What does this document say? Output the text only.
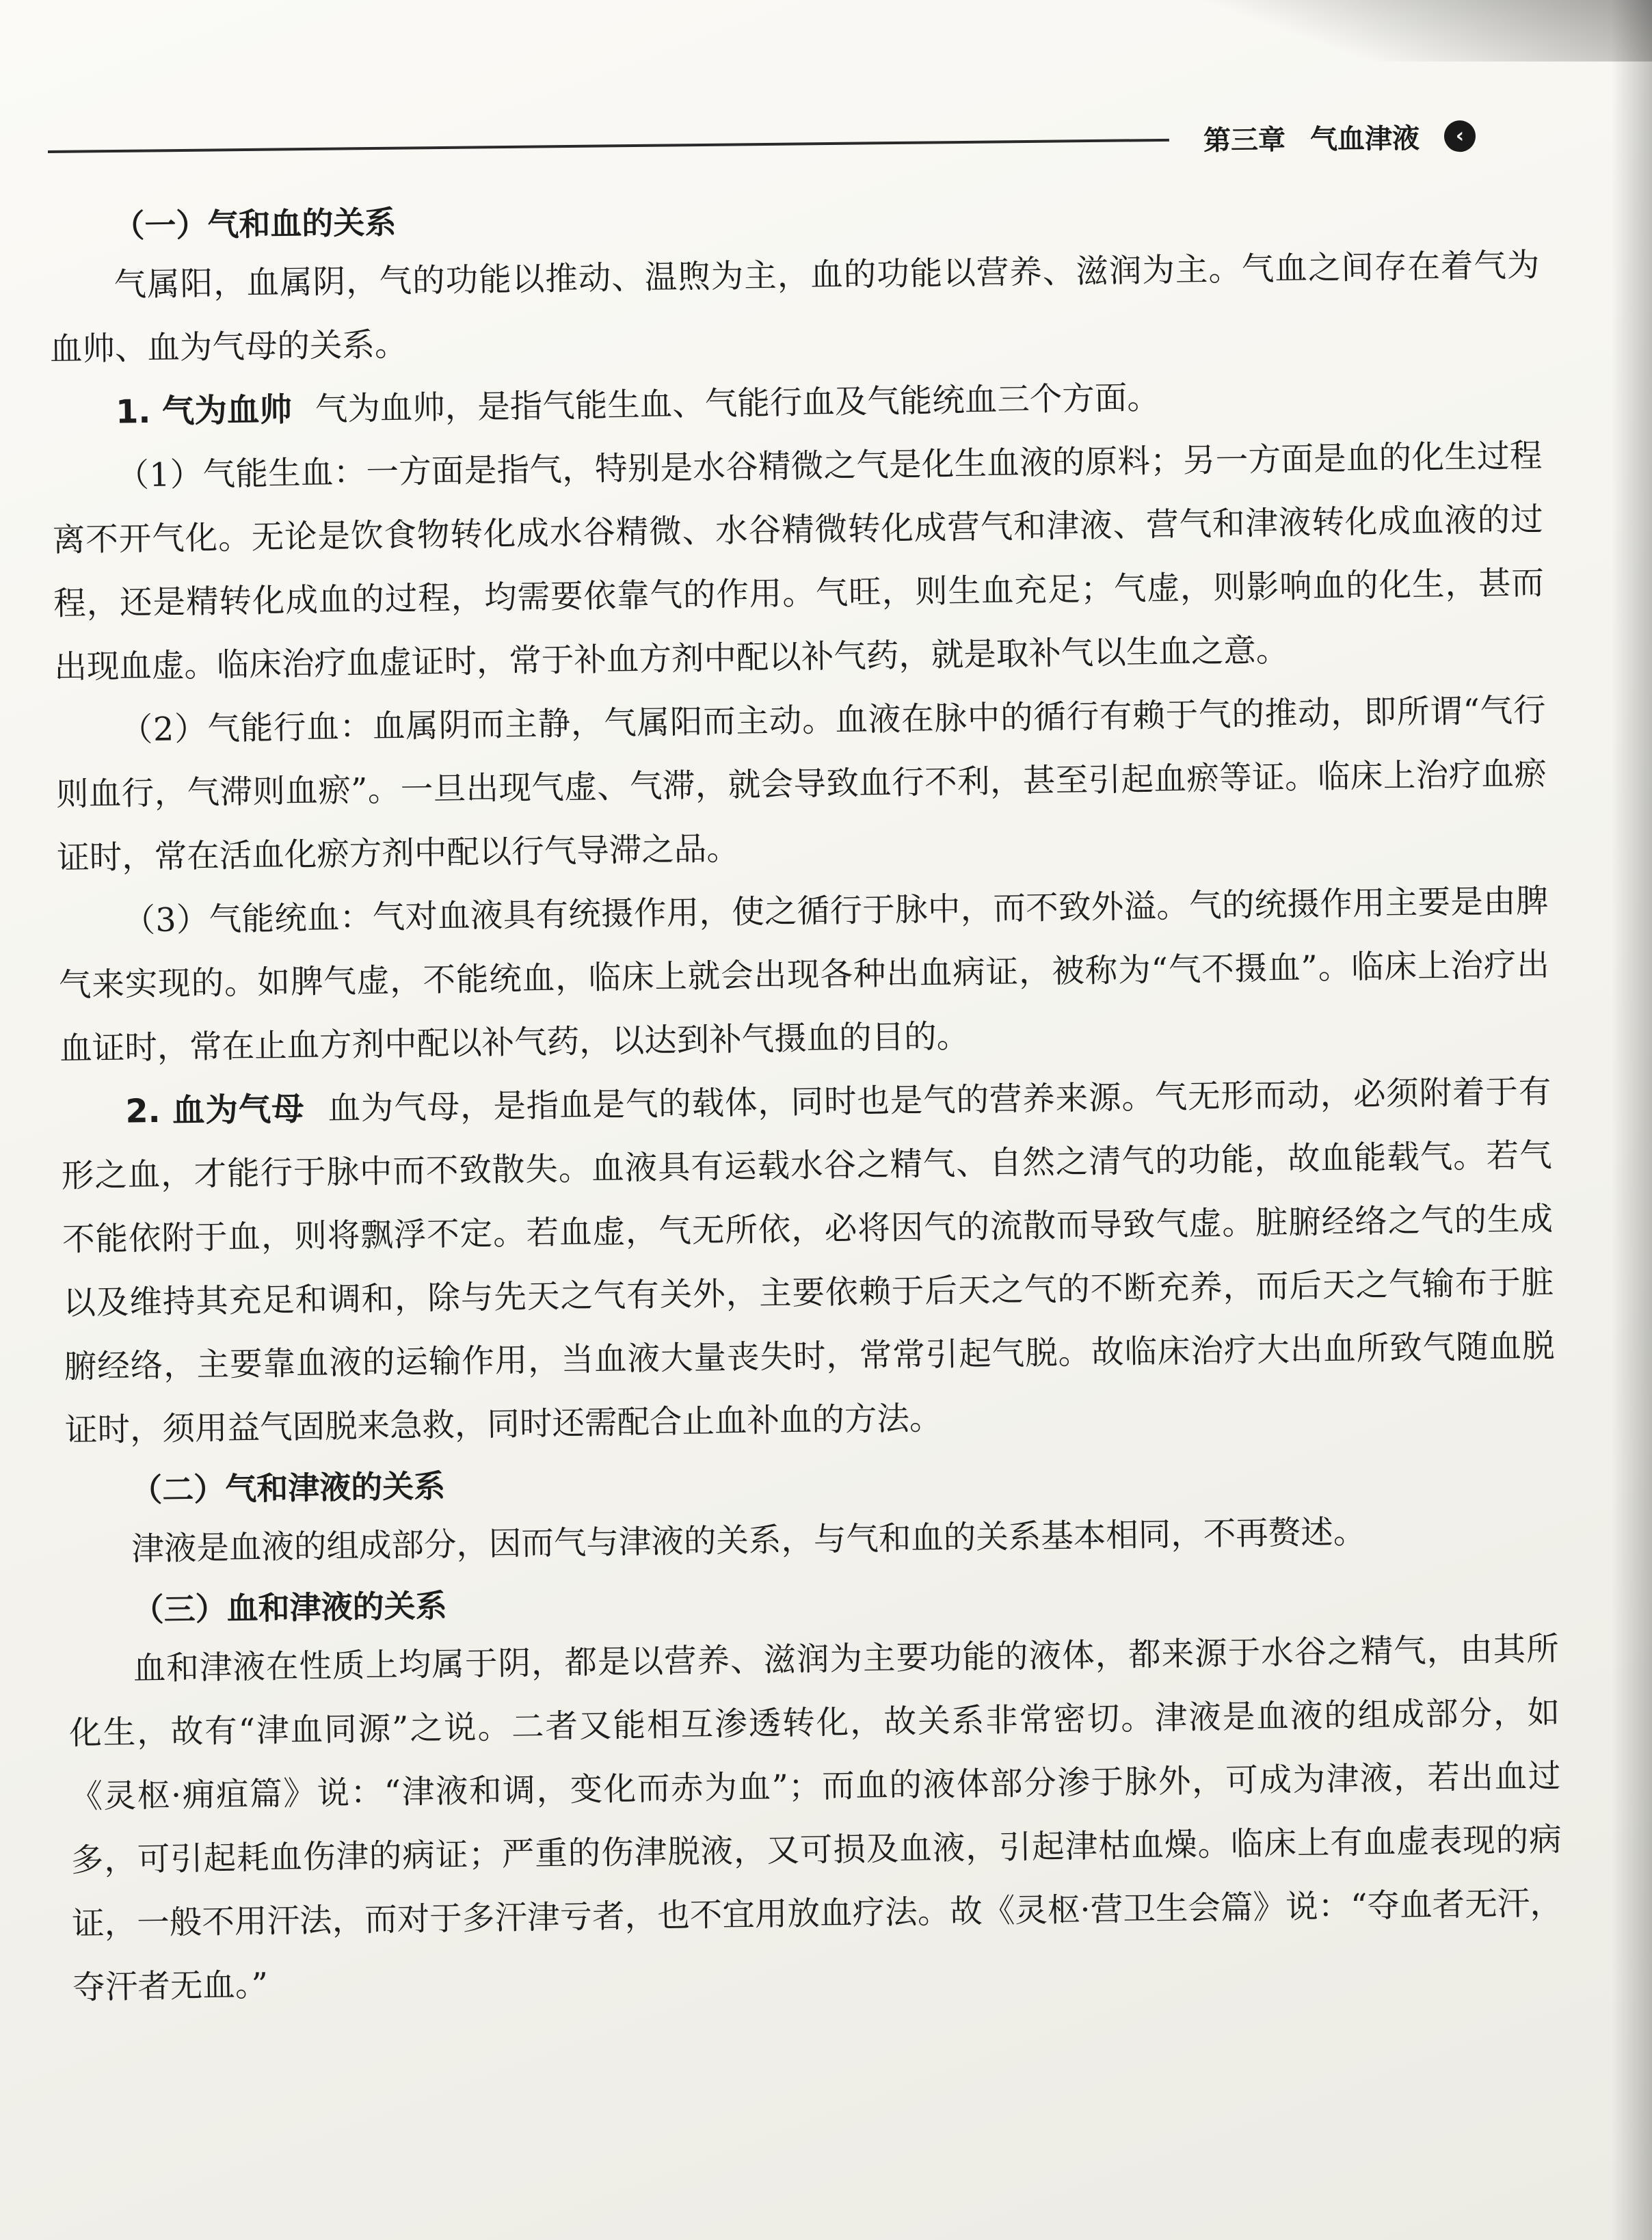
第三章 气血津液	‹
（一）气和血的关系

气属阳，血属阴，气的功能以推动、温煦为主，血的功能以营养、滋润为主。气血之间存在着气为血帅、血为气母的关系。

1. 气为血帅 气为血帅，是指气能生血、气能行血及气能统血三个方面。

（1）气能生血：一方面是指气，特别是水谷精微之气是化生血液的原料；另一方面是血的化生过程离不开气化。无论是饮食物转化成水谷精微、水谷精微转化成营气和津液、营气和津液转化成血液的过程，还是精转化成血的过程，均需要依靠气的作用。气旺，则生血充足；气虚，则影响血的化生，甚而出现血虚。临床治疗血虚证时，常于补血方剂中配以补气药，就是取补气以生血之意。

（2）气能行血：血属阴而主静，气属阳而主动。血液在脉中的循行有赖于气的推动，即所谓“气行则血行，气滞则血瘀”。一旦出现气虚、气滞，就会导致血行不利，甚至引起血瘀等证。临床上治疗血瘀证时，常在活血化瘀方剂中配以行气导滞之品。

（3）气能统血：气对血液具有统摄作用，使之循行于脉中，而不致外溢。气的统摄作用主要是由脾气来实现的。如脾气虚，不能统血，临床上就会出现各种出血病证，被称为“气不摄血”。临床上治疗出血证时，常在止血方剂中配以补气药，以达到补气摄血的目的。

2. 血为气母 血为气母，是指血是气的载体，同时也是气的营养来源。气无形而动，必须附着于有形之血，才能行于脉中而不致散失。血液具有运载水谷之精气、自然之清气的功能，故血能载气。若气不能依附于血，则将飘浮不定。若血虚，气无所依，必将因气的流散而导致气虚。脏腑经络之气的生成以及维持其充足和调和，除与先天之气有关外，主要依赖于后天之气的不断充养，而后天之气输布于脏腑经络，主要靠血液的运输作用，当血液大量丧失时，常常引起气脱。故临床治疗大出血所致气随血脱证时，须用益气固脱来急救，同时还需配合止血补血的方法。

（二）气和津液的关系

津液是血液的组成部分，因而气与津液的关系，与气和血的关系基本相同，不再赘述。

（三）血和津液的关系

血和津液在性质上均属于阴，都是以营养、滋润为主要功能的液体，都来源于水谷之精气，由其所化生，故有“津血同源”之说。二者又能相互渗透转化，故关系非常密切。津液是血液的组成部分，如《灵枢·痈疽篇》说：“津液和调，变化而赤为血”；而血的液体部分渗于脉外，可成为津液，若出血过多，可引起耗血伤津的病证；严重的伤津脱液，又可损及血液，引起津枯血燥。临床上有血虚表现的病证，一般不用汗法，而对于多汗津亏者，也不宜用放血疗法。故《灵枢·营卫生会篇》说：“夺血者无汗，夺汗者无血。”
